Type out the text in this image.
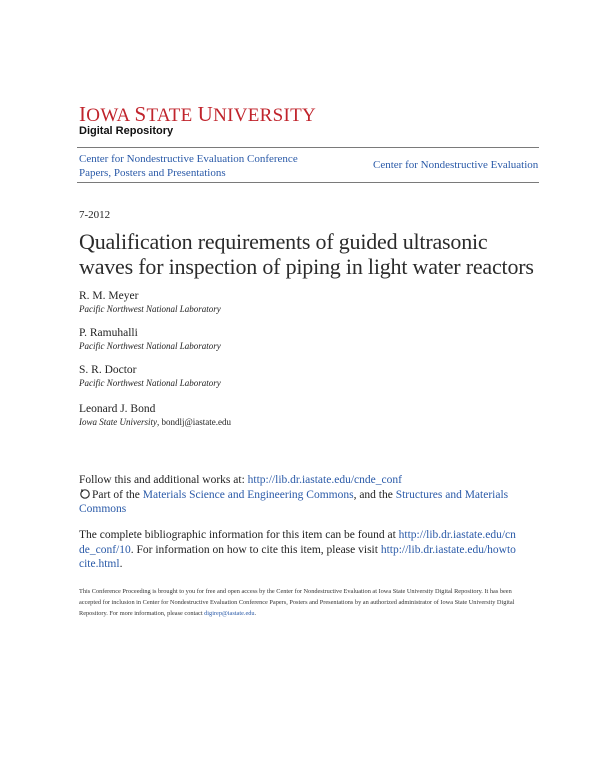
IOWA STATE UNIVERSITY
Digital Repository
Center for Nondestructive Evaluation Conference Papers, Posters and Presentations
Center for Nondestructive Evaluation
7-2012
Qualification requirements of guided ultrasonic waves for inspection of piping in light water reactors
R. M. Meyer
Pacific Northwest National Laboratory
P. Ramuhalli
Pacific Northwest National Laboratory
S. R. Doctor
Pacific Northwest National Laboratory
Leonard J. Bond
Iowa State University, bondlj@iastate.edu
Follow this and additional works at: http://lib.dr.iastate.edu/cnde_conf
Part of the Materials Science and Engineering Commons, and the Structures and Materials Commons
The complete bibliographic information for this item can be found at http://lib.dr.iastate.edu/cnde_conf/10. For information on how to cite this item, please visit http://lib.dr.iastate.edu/howtocite.html.
This Conference Proceeding is brought to you for free and open access by the Center for Nondestructive Evaluation at Iowa State University Digital Repository. It has been accepted for inclusion in Center for Nondestructive Evaluation Conference Papers, Posters and Presentations by an authorized administrator of Iowa State University Digital Repository. For more information, please contact digirep@iastate.edu.
